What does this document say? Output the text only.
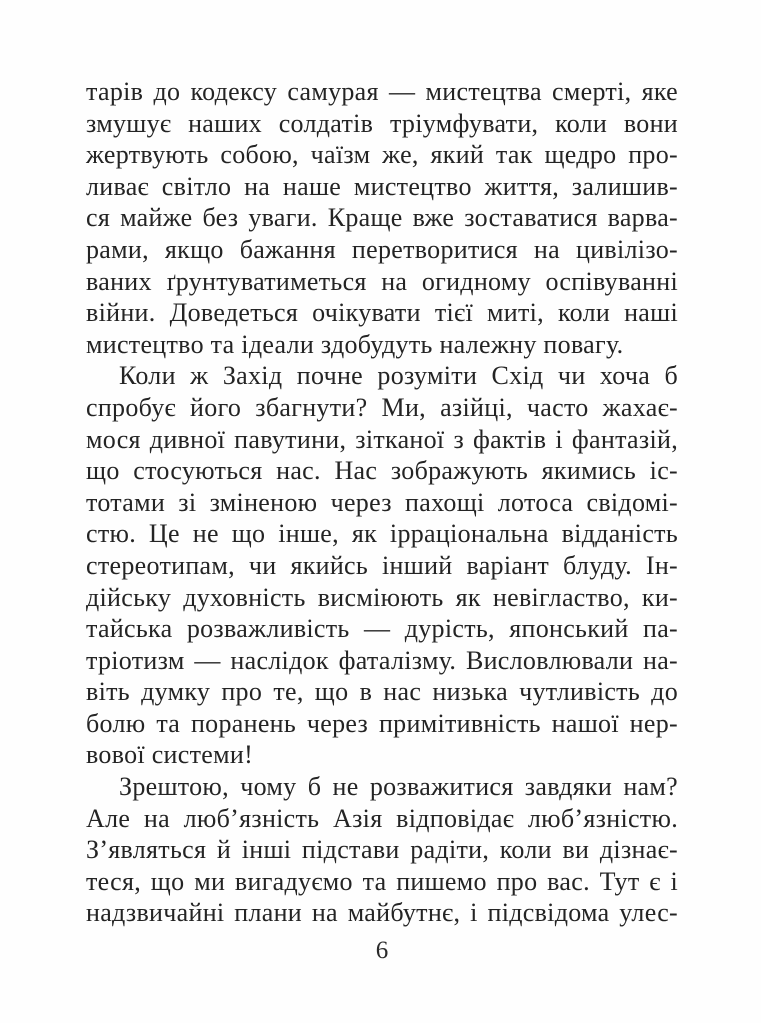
тарів до кодексу самурая — мистецтва смерті, яке
змушує наших солдатів тріумфувати, коли вони
жертвують собою, чаїзм же, який так щедро про-
ливає світло на наше мистецтво життя, залишив-
ся майже без уваги. Краще вже зоставатися варва-
рами, якщо бажання перетворитися на цивілізо-
ваних ґрунтуватиметься на огидному оспівуванні
війни. Доведеться очікувати тієї миті, коли наші
мистецтво та ідеали здобудуть належну повагу.
Коли ж Захід почне розуміти Схід чи хоча б
спробує його збагнути? Ми, азійці, часто жахає-
мося дивної павутини, зітканої з фактів і фантазій,
що стосуються нас. Нас зображують якимись іс-
тотами зі зміненою через пахощі лотоса свідомі-
стю. Це не що інше, як ірраціональна відданість
стереотипам, чи якийсь інший варіант блуду. Ін-
дійську духовність висміюють як невігластво, ки-
тайська розважливість — дурість, японський па-
тріотизм — наслідок фаталізму. Висловлювали на-
віть думку про те, що в нас низька чутливість до
болю та поранень через примітивність нашої нер-
вової системи!
Зрештою, чому б не розважитися завдяки нам?
Але на люб’язність Азія відповідає люб’язністю.
З’являться й інші підстави радіти, коли ви дізнає-
теся, що ми вигадуємо та пишемо про вас. Тут є і
надзвичайні плани на майбутнє, і підсвідома улес-
6
